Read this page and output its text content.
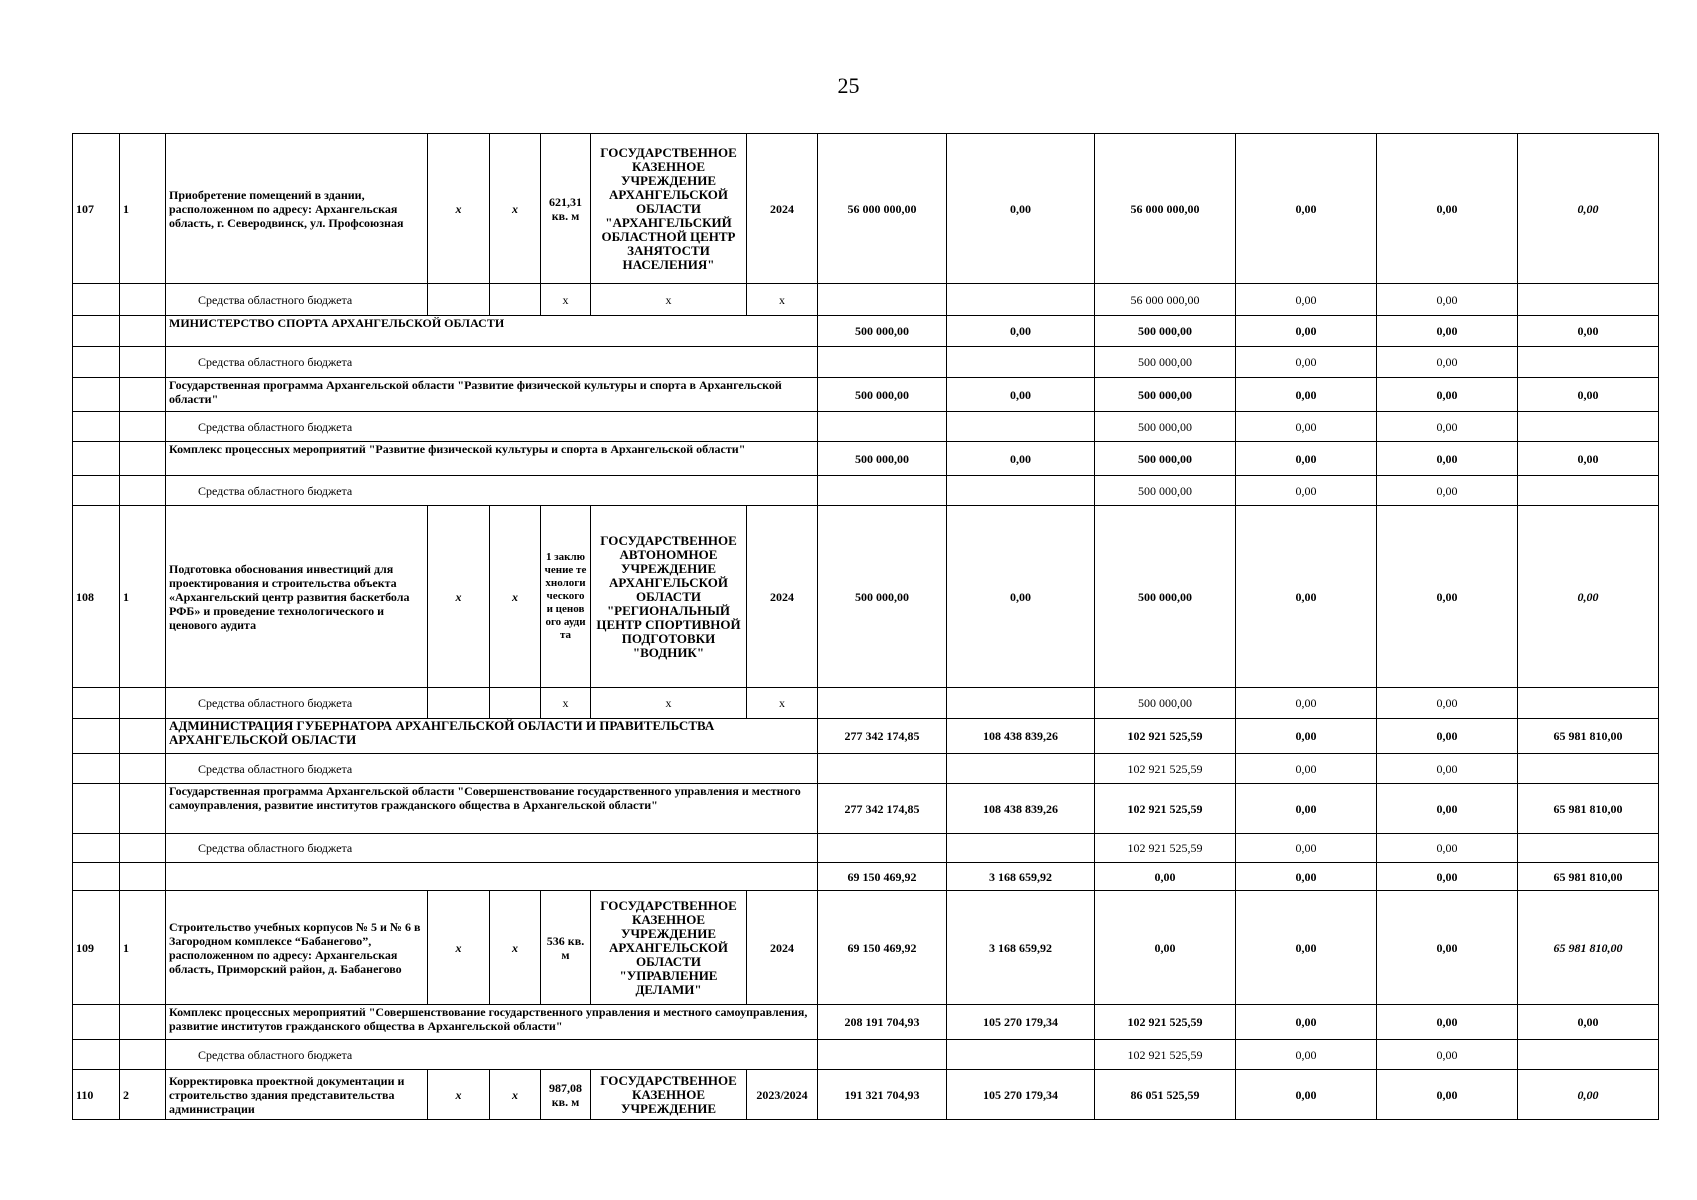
25
107	1	Приобретение помещений в здании, расположенном по адресу: Архангельская область, г. Северодвинск, ул. Профсоюзная	x	x	621,31 кв. м	ГОСУДАРСТВЕННОЕ КАЗЕННОЕ УЧРЕЖДЕНИЕ АРХАНГЕЛЬСКОЙ ОБЛАСТИ "АРХАНГЕЛЬСКИЙ ОБЛАСТНОЙ ЦЕНТР ЗАНЯТОСТИ НАСЕЛЕНИЯ"	2024	56 000 000,00	0,00	56 000 000,00	0,00	0,00	0,00
		Средства областного бюджета			x	x	x			56 000 000,00	0,00	0,00	
		МИНИСТЕРСТВО СПОРТА АРХАНГЕЛЬСКОЙ ОБЛАСТИ						500 000,00	0,00	500 000,00	0,00	0,00	0,00
		Средства областного бюджета								500 000,00	0,00	0,00	
		Государственная программа Архангельской области "Развитие физической культуры и спорта в Архангельской области"						500 000,00	0,00	500 000,00	0,00	0,00	0,00
		Средства областного бюджета								500 000,00	0,00	0,00	
		Комплекс процессных мероприятий "Развитие физической культуры и спорта в Архангельской области"						500 000,00	0,00	500 000,00	0,00	0,00	0,00
		Средства областного бюджета								500 000,00	0,00	0,00	
108	1	Подготовка обоснования инвестиций для проектирования и строительства объекта «Архангельский центр развития баскетбола РФБ» и проведение технологического и ценового аудита	x	x	1 заключение технологического и ценового аудита	ГОСУДАРСТВЕННОЕ АВТОНОМНОЕ УЧРЕЖДЕНИЕ АРХАНГЕЛЬСКОЙ ОБЛАСТИ "РЕГИОНАЛЬНЫЙ ЦЕНТР СПОРТИВНОЙ ПОДГОТОВКИ "ВОДНИК"	2024	500 000,00	0,00	500 000,00	0,00	0,00	0,00
		Средства областного бюджета			x	x	x			500 000,00	0,00	0,00	
		АДМИНИСТРАЦИЯ ГУБЕРНАТОРА АРХАНГЕЛЬСКОЙ ОБЛАСТИ И ПРАВИТЕЛЬСТВА АРХАНГЕЛЬСКОЙ ОБЛАСТИ						277 342 174,85	108 438 839,26	102 921 525,59	0,00	0,00	65 981 810,00
		Средства областного бюджета								102 921 525,59	0,00	0,00	
		Государственная программа Архангельской области "Совершенствование государственного управления и местного самоуправления, развитие институтов гражданского общества в Архангельской области"						277 342 174,85	108 438 839,26	102 921 525,59	0,00	0,00	65 981 810,00
		Средства областного бюджета								102 921 525,59	0,00	0,00	
								69 150 469,92	3 168 659,92	0,00	0,00	0,00	65 981 810,00
109	1	Строительство учебных корпусов № 5 и № 6 в Загородном комплексе “Бабанегово”, расположенном по адресу: Архангельская область, Приморский район, д. Бабанегово	x	x	536 кв. м	ГОСУДАРСТВЕННОЕ КАЗЕННОЕ УЧРЕЖДЕНИЕ АРХАНГЕЛЬСКОЙ ОБЛАСТИ "УПРАВЛЕНИЕ ДЕЛАМИ"	2024	69 150 469,92	3 168 659,92	0,00	0,00	0,00	65 981 810,00
		Комплекс процессных мероприятий "Совершенствование государственного управления и местного самоуправления, развитие институтов гражданского общества в Архангельской области"						208 191 704,93	105 270 179,34	102 921 525,59	0,00	0,00	0,00
		Средства областного бюджета								102 921 525,59	0,00	0,00	
110	2	Корректировка проектной документации и строительство здания представительства администрации	x	x	987,08 кв. м	ГОСУДАРСТВЕННОЕ КАЗЕННОЕ УЧРЕЖДЕНИЕ	2023/2024	191 321 704,93	105 270 179,34	86 051 525,59	0,00	0,00	0,00
